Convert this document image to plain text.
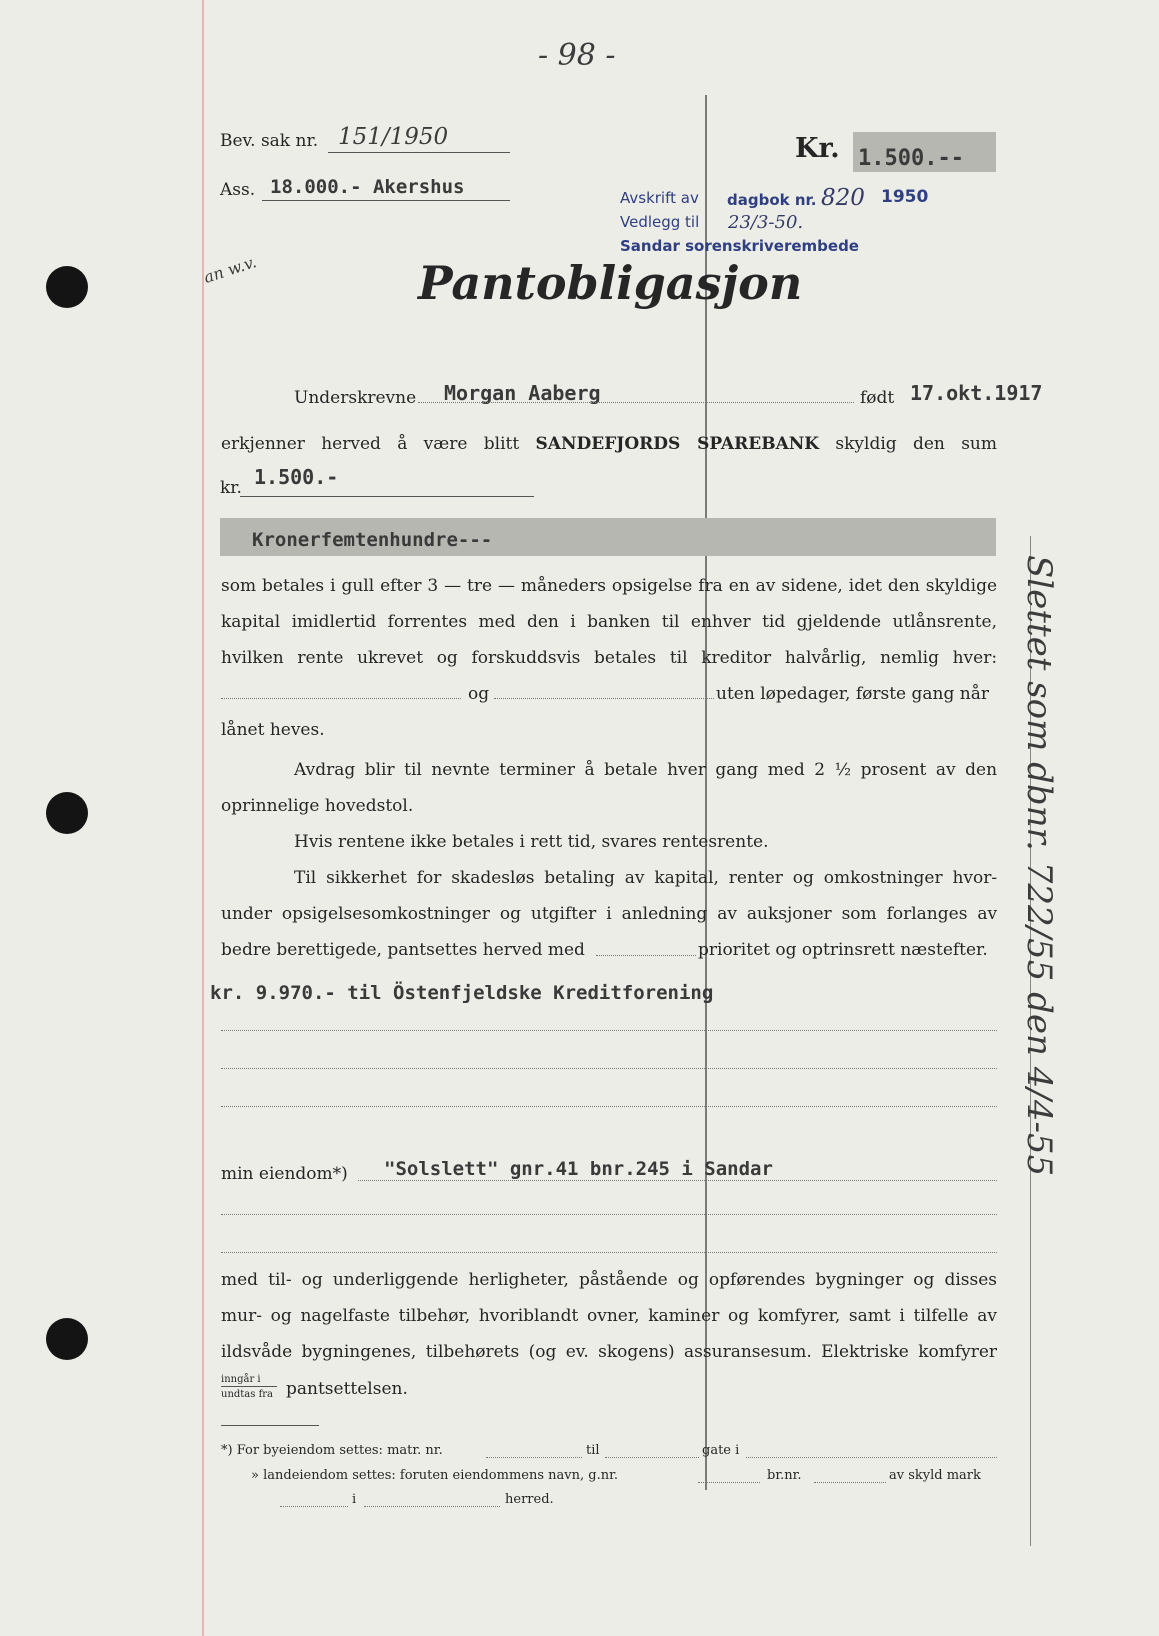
- 98 -
Bev. sak nr. 151/1950
Ass. 18.000.- Akershus
Kr. 1.500.--
Avskrift av dagbok nr. 820 1950
Vedlegg til 23/3-50.
Sandar sorenskriverembede
an w.v.	Pantobligasjon
Underskrevne Morgan Aaberg	født 17.okt.1917
erkjenner herved å være blitt SANDEFJORDS SPAREBANK skyldig den sum
kr. 1.500.-
Kronerfemtenhundre---
som betales i gull efter 3 — tre — måneders opsigelse fra en av sidene, idet den skyldige
kapital imidlertid forrentes med den i banken til enhver tid gjeldende utlånsrente,
hvilken rente ukrevet og forskuddsvis betales til kreditor halvårlig, nemlig hver:
og	uten løpedager, første gang når
lånet heves.
Avdrag blir til nevnte terminer å betale hver gang med 2 ½ prosent av den
oprinnelige hovedstol.
Hvis rentene ikke betales i rett tid, svares rentesrente.
Til sikkerhet for skadesløs betaling av kapital, renter og omkostninger hvor-
under opsigelsesomkostninger og utgifter i anledning av auksjoner som forlanges av
bedre berettigede, pantsettes herved med	prioritet og optrinsrett næstefter.
kr. 9.970.- til Östenfjeldske Kreditforening
min eiendom*) "Solslett" gnr.41 bnr.245 i Sandar
med til- og underliggende herligheter, påstående og opførendes bygninger og disses
mur- og nagelfaste tilbehør, hvoriblandt ovner, kaminer og komfyrer, samt i tilfelle av
ildsvåde bygningenes, tilbehørets (og ev. skogens) assuransesum. Elektriske komfyrer
inngår i
undtas fra pantsettelsen.
*) For byeiendom settes: matr. nr.	til	gate i
» landeiendom settes: foruten eiendommens navn, g.nr.	br.nr.	av skyld mark
i	herred.
Slettet som dbnr. 722/55 den 4/4-55
